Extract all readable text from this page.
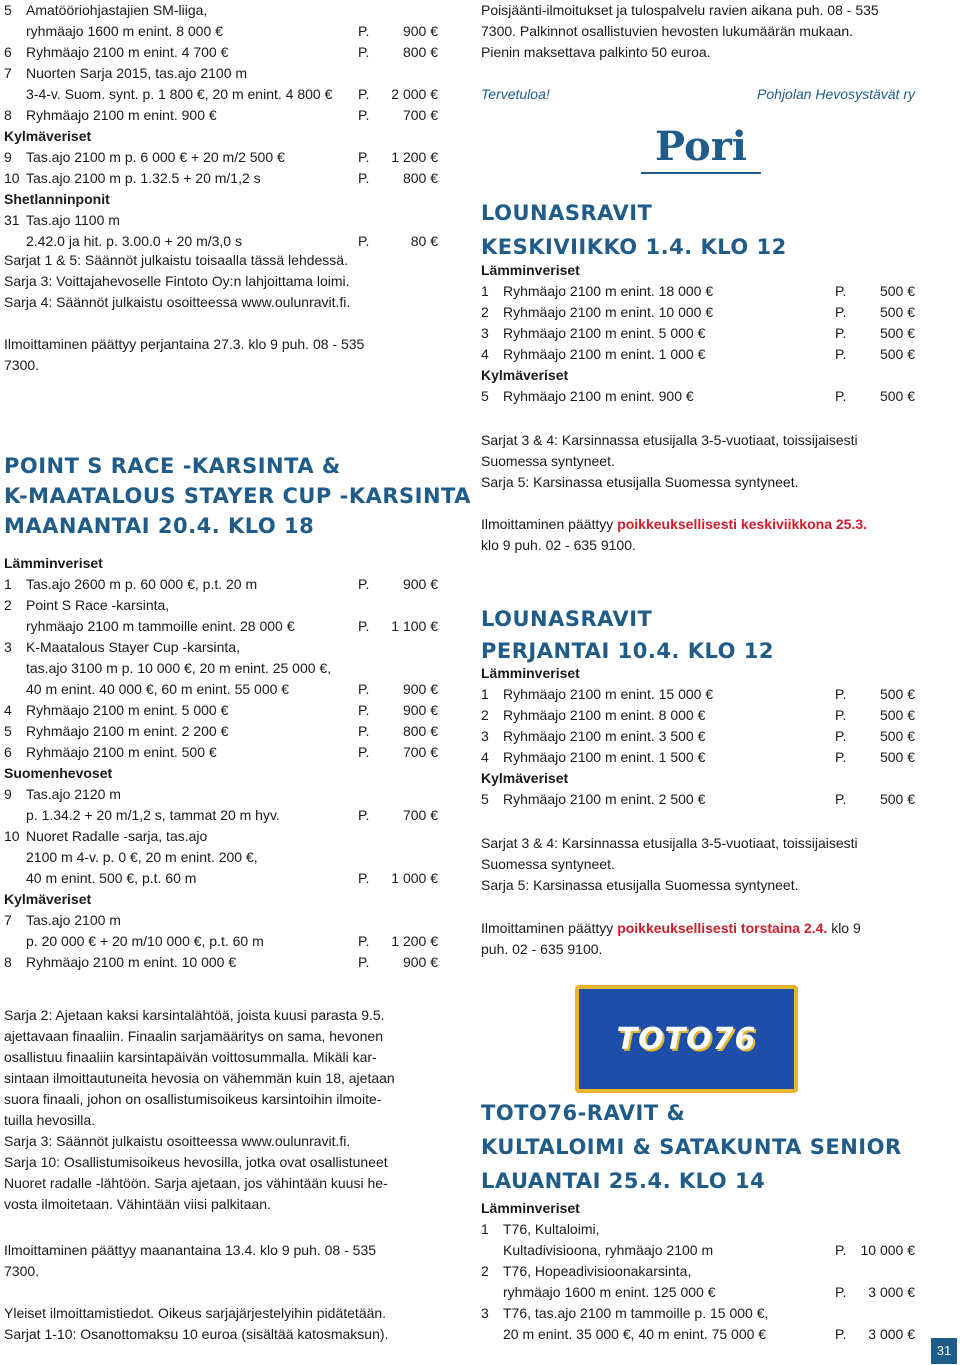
5 Amatööriohjastajien SM-liiga,
ryhmäajo 1600 m enint. 8 000 €	P. 900 €
6 Ryhmäajo 2100 m enint. 4 700 €	P. 800 €
7 Nuorten Sarja 2015, tas.ajo 2100 m
3-4-v. Suom. synt. p. 1 800 €, 20 m enint. 4 800 € P. 2 000 €
8 Ryhmäajo 2100 m enint. 900 €	P. 700 €
Kylmäveriset
9 Tas.ajo 2100 m p. 6 000 € + 20 m/2 500 €	P. 1 200 €
10 Tas.ajo 2100 m p. 1.32.5 + 20 m/1,2 s	P. 800 €
Shetlanninponit
31 Tas.ajo 1100 m
2.42.0 ja hit. p. 3.00.0 + 20 m/3,0 s	P.	80 €
Sarjat 1 & 5: Säännöt julkaistu toisaalla tässä lehdessä.
Sarja 3: Voittajahevoselle Fintoto Oy:n lahjoittama loimi.
Sarja 4: Säännöt julkaistu osoitteessa www.oulunravit.fi.
Ilmoittaminen päättyy perjantaina 27.3. klo 9 puh. 08 - 535
7300.
POINT S RACE -KARSINTA &
K-MAATALOUS STAYER CUP -KARSINTA
MAANANTAI 20.4. KLO 18
Lämminveriset
1 Tas.ajo 2600 m p. 60 000 €, p.t. 20 m	P. 900 €
2 Point S Race -karsinta,
ryhmäajo 2100 m tammoille enint. 28 000 €	P. 1 100 €
3 K-Maatalous Stayer Cup -karsinta,
tas.ajo 3100 m p. 10 000 €, 20 m enint. 25 000 €,
40 m enint. 40 000 €, 60 m enint. 55 000 €	P. 900 €
4 Ryhmäajo 2100 m enint. 5 000 €	P. 900 €
5 Ryhmäajo 2100 m enint. 2 200 €	P. 800 €
6 Ryhmäajo 2100 m enint. 500 €	P. 700 €
Suomenhevoset
9 Tas.ajo 2120 m
p. 1.34.2 + 20 m/1,2 s, tammat 20 m hyv.	P. 700 €
10 Nuoret Radalle -sarja, tas.ajo
2100 m 4-v. p. 0 €, 20 m enint. 200 €,
40 m enint. 500 €, p.t. 60 m	P. 1 000 €
Kylmäveriset
7 Tas.ajo 2100 m
p. 20 000 € + 20 m/10 000 €, p.t. 60 m	P. 1 200 €
8 Ryhmäajo 2100 m enint. 10 000 €	P. 900 €
Sarja 2: Ajetaan kaksi karsintalähtöä, joista kuusi parasta 9.5.
ajettavaan finaaliin. Finaalin sarjamääritys on sama, hevonen
osallistuu finaaliin karsintapäivän voittosummalla. Mikäli kar-
sintaan ilmoittautuneita hevosia on vähemmän kuin 18, ajetaan
suora finaali, johon on osallistumisoikeus karsintoihin ilmoite-
tuilla hevosilla.
Sarja 3: Säännöt julkaistu osoitteessa www.oulunravit.fi.
Sarja 10: Osallistumisoikeus hevosilla, jotka ovat osallistuneet
Nuoret radalle -lähtöön. Sarja ajetaan, jos vähintään kuusi he-
vosta ilmoitetaan. Vähintään viisi palkitaan.
Ilmoittaminen päättyy maanantaina 13.4. klo 9 puh. 08 - 535
7300.
Yleiset ilmoittamistiedot. Oikeus sarjajärjestelyihin pidätetään.
Sarjat 1-10: Osanottomaksu 10 euroa (sisältää katosmaksun).
Poisjäänti-ilmoitukset ja tulospalvelu ravien aikana puh. 08 - 535
7300. Palkinnot osallistuvien hevosten lukumäärän mukaan.
Pienin maksettava palkinto 50 euroa.
Tervetuloa!	Pohjolan Hevosystävät ry
Pori
LOUNASRAVIT
KESKIVIIKKO 1.4. KLO 12
Lämminveriset
1 Ryhmäajo 2100 m enint. 18 000 €	P. 500 €
2 Ryhmäajo 2100 m enint. 10 000 €	P. 500 €
3 Ryhmäajo 2100 m enint. 5 000 €	P. 500 €
4 Ryhmäajo 2100 m enint. 1 000 €	P. 500 €
Kylmäveriset
5 Ryhmäajo 2100 m enint. 900 €	P. 500 €
Sarjat 3 & 4: Karsinnassa etusijalla 3-5-vuotiaat, toissijaisesti
Suomessa syntyneet.
Sarja 5: Karsinassa etusijalla Suomessa syntyneet.
Ilmoittaminen päättyy poikkeuksellisesti keskiviikkona 25.3.
klo 9 puh. 02 - 635 9100.
LOUNASRAVIT
PERJANTAI 10.4. KLO 12
Lämminveriset
1 Ryhmäajo 2100 m enint. 15 000 €	P. 500 €
2 Ryhmäajo 2100 m enint. 8 000 €	P. 500 €
3 Ryhmäajo 2100 m enint. 3 500 €	P. 500 €
4 Ryhmäajo 2100 m enint. 1 500 €	P. 500 €
Kylmäveriset
5 Ryhmäajo 2100 m enint. 2 500 €	P. 500 €
Sarjat 3 & 4: Karsinnassa etusijalla 3-5-vuotiaat, toissijaisesti
Suomessa syntyneet.
Sarja 5: Karsinassa etusijalla Suomessa syntyneet.
Ilmoittaminen päättyy poikkeuksellisesti torstaina 2.4. klo 9
puh. 02 - 635 9100.
TOTO76-RAVIT &
KULTALOIMI & SATAKUNTA SENIOR
LAUANTAI 25.4. KLO 14
Lämminveriset
1 T76, Kultaloimi,
Kultadivisioona, ryhmäajo 2100 m	P. 10 000 €
2 T76, Hopeadivisioonakarsinta,
ryhmäajo 1600 m enint. 125 000 €	P. 3 000 €
3 T76, tas.ajo 2100 m tammoille p. 15 000 €,
20 m enint. 35 000 €, 40 m enint. 75 000 €	P. 3 000 €
TOTO76
31
